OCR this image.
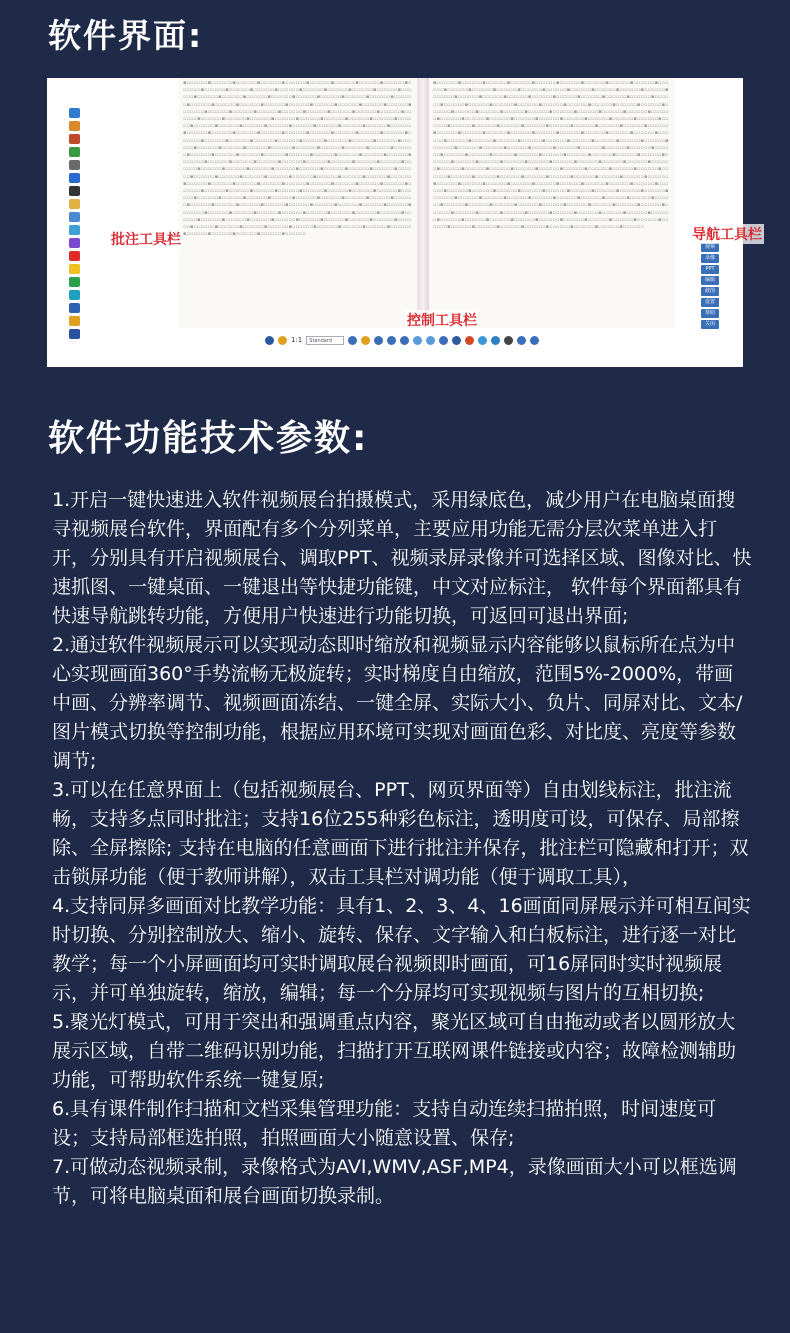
软件界面:

▪▫▫▫▫▫▫▪▫▫▫▫▫▫▪▫▫▫▫▫▫▪▫▫▫▫▫▫▪▫▫▫▫▫▫▪▫▫▫▫▫▫▪▫▫▫▫▫▫▪▫▫▫▫▫▫▪▫▫▫▫▫▫▪▫▫▫▫▫▫▪▫▫▫▫▫▫▪▫▫▫▫▫▫▪▫▫▫▫▫▫▪▫▫▫▫▫▫▪▫▫▫▫▫▫▪▫▫▫▫▫▫▪▫▫▫▫▫▫▪▫▫▫▫▫▫▪▫▫▫▫▫▫▪▫▫▫▫▫▫▪▫▫▫▫▫▫▪▫▫▫▫▫▫▪▫▫▫▫▫▫▪▫▫▫▫▫▫▪▫▫▫▫▫▫▪▫▫▫▫▫▫▪▫▫▫▫▫▫▪▫▫▫▫▫▫▪▫▫▫▫▫▫▪▫▫▫▫▫▫▪▫▫▫▫▫▫▪▫▫▫▫▫▫▪▫▫▫▫▫▫▪▫▫▫▫▫▫▪▫▫▫▫▫▫▪▫▫▫▫▫▫▪▫▫▫▫▫▫▪▫▫▫▫▫▫▪▫▫▫▫▫▫▪▫▫▫▫▫▫▪▫▫▫▫▫▫▪▫▫▫▫▫▫▪▫▫▫▫▫▫▪▫▫▫▫▫▫▪▫▫▫▫▫▫▪▫▫▫▫▫▫▪▫▫▫▫▫▫▪▫▫▫▫▫▫▪▫▫▫▫▫▫▪▫▫▫▫▫▫▪▫▫▫▫▫▫▪▫▫▫▫▫▫▪▫▫▫▫▫▫▪▫▫▫▫▫▫▪▫▫▫▫▫▫▪▫▫▫▫▫▫▪▫▫▫▫▫▫▪▫▫▫▫▫▫▪▫▫▫▫▫▫▪▫▫▫▫▫▫▪▫▫▫▫▫▫▪▫▫▫▫▫▫▪▫▫▫▫▫▫▪▫▫▫▫▫▫▪▫▫▫▫▫▫▪▫▫▫▫▫▫▪▫▫▫▫▫▫▪▫▫▫▫▫▫▪▫▫▫▫▫▫▪▫▫▫▫▫▫▪▫▫▫▫▫▫▪▫▫▫▫▫▫▪▫▫▫▫▫▫▪▫▫▫▫▫▫▪▫▫▫▫▫▫▪▫▫▫▫▫▫▪▫▫▫▫▫▫▪▫▫▫▫▫▫▪▫▫▫▫▫▫▪▫▫▫▫▫▫▪▫▫▫▫▫▫▪▫▫▫▫▫▫▪▫▫▫▫▫▫▪▫▫▫▫▫▫▪▫▫▫▫▫▫▪▫▫▫▫▫▫▪▫▫▫▫▫▫▪▫▫▫▫▫▫▪▫▫▫▫▫▫▪▫▫▫▫▫▫▪▫▫▫▫▫▫▪▫▫▫▫▫▫▪▫▫▫▫▫▫▪▫▫▫▫▫▫▪▫▫▫▫▫▫▪▫▫▫▫▫▫▪▫▫▫▫▫▫▪▫▫▫▫▫▫▪▫▫▫▫▫▫▪▫▫▫▫▫▫▪▫▫▫▫▫▫▪▫▫▫▫▫▫▪▫▫▫▫▫▫▪▫▫▫▫▫▫▪▫▫▫▫▫▫▪▫▫▫▫▫▫▪▫▫▫▫▫▫▪▫▫▫▫▫▫▪▫▫▫▫▫▫▪▫▫▫▫▫▫▪▫▫▫▫▫▫▪▫▫▫▫▫▫▪▫▫▫▫▫▫▪▫▫▫▫▫▫▪▫▫▫▫▫▫▪▫▫▫▫▫▫▪▫▫▫▫▫▫▪▫▫▫▫▫▫▪▫▫▫▫▫▫▪▫▫▫▫▫▫▪▫▫▫▫▫▫▪▫▫▫▫▫▫▪▫▫▫▫▫▫▪▫▫▫▫▫▫▪▫▫▫▫▫▫▪▫▫▫▫▫▫▪▫▫▫▫▫▫▪▫▫▫▫▫▫▪▫▫▫▫▫▫▪▫▫▫▫▫▫▪▫▫▫▫▫▫▪▫▫▫▫▫▫▪▫▫▫▫▫▫▪▫▫▫▫▫▫▪▫▫▫▫▫▫▪▫▫▫▫▫▫▪▫▫▫▫▫▫▪▫▫▫▫▫▫▪▫▫▫▫▫▫▪▫▫▫▫▫▫▪▫▫▫▫▫▫▪▫▫▫▫▫▫▪▫▫▫▫▫▫▪▫▫▫▫▫▫▪▫▫▫▫▫▫▪▫▫▫▫▫▫▪▫▫▫▫▫▫▪▫▫▫▫▫▫▪▫▫▫▫▫▫▪▫▫▫▫▫▫▪▫▫▫▫▫▫▪▫▫▫▫▫▫▪▫▫▫▫▫▫▪▫▫▫▫▫▫▪▫▫▫▫▫▫▪▫▫▫▫▫▫▪▫▫▫▫▫▫▪▫▫▫▫▫▫▪▫▫▫▫▫▫▪▫▫▫▫▫▫▪▫▫▫▫▫▫▪▫▫▫▫▫▫▪▫▫▫▫▫▫▪▫▫▫▫▫▫▪▫▫▫▫▫▫▪▫▫▫▫▫▫▪▫▫▫▫▫▫▪▫▫▫▫▫▫▪▫▫▫▫▫▫▪▫▫▫▫▫▫▪▫▫▫▫▫▫▪▫▫▫▫▫▫▪▫▫▫▫▫▫▪▫▫▫▫▫▫▪▫▫▫▫▫▫▪▫▫▫▫▫▫▪▫▫▫▫▫▫▪▫▫▫▫▫▫▪▫▫▫▫▫▫▪▫▫▫▫▫▫▪▫▫▫▫▫▫▪▫▫▫▫▫▫▪▫▫▫▫▫▫▪▫▫▫▫▫▫▪▫▫▫▫▫▫▪▫▫▫▫▫▫▪▫▫▫▫▫▫▪▫▫▫▫▫▫▪▫▫▫▫▫▫▪▫▫▫▫▫▫▪▫▫▫▫▫▫▪▫▫▫▫▫▫▪▫▫▫▫▫▫▪▫▫▫▫▫▫▪▫▫▫▫▫▫▪▫▫▫▫▫▫▪▫▫▫▫▫▫▪▫▫▫▫▫▫▪▫▫▫▫▫▫▪▫▫▫▫▫▫

▪▫▫▫▫▫▫▪▫▫▫▫▫▫▪▫▫▫▫▫▫▪▫▫▫▫▫▫▪▫▫▫▫▫▫▪▫▫▫▫▫▫▪▫▫▫▫▫▫▪▫▫▫▫▫▫▪▫▫▫▫▫▫▪▫▫▫▫▫▫▪▫▫▫▫▫▫▪▫▫▫▫▫▫▪▫▫▫▫▫▫▪▫▫▫▫▫▫▪▫▫▫▫▫▫▪▫▫▫▫▫▫▪▫▫▫▫▫▫▪▫▫▫▫▫▫▪▫▫▫▫▫▫▪▫▫▫▫▫▫▪▫▫▫▫▫▫▪▫▫▫▫▫▫▪▫▫▫▫▫▫▪▫▫▫▫▫▫▪▫▫▫▫▫▫▪▫▫▫▫▫▫▪▫▫▫▫▫▫▪▫▫▫▫▫▫▪▫▫▫▫▫▫▪▫▫▫▫▫▫▪▫▫▫▫▫▫▪▫▫▫▫▫▫▪▫▫▫▫▫▫▪▫▫▫▫▫▫▪▫▫▫▫▫▫▪▫▫▫▫▫▫▪▫▫▫▫▫▫▪▫▫▫▫▫▫▪▫▫▫▫▫▫▪▫▫▫▫▫▫▪▫▫▫▫▫▫▪▫▫▫▫▫▫▪▫▫▫▫▫▫▪▫▫▫▫▫▫▪▫▫▫▫▫▫▪▫▫▫▫▫▫▪▫▫▫▫▫▫▪▫▫▫▫▫▫▪▫▫▫▫▫▫▪▫▫▫▫▫▫▪▫▫▫▫▫▫▪▫▫▫▫▫▫▪▫▫▫▫▫▫▪▫▫▫▫▫▫▪▫▫▫▫▫▫▪▫▫▫▫▫▫▪▫▫▫▫▫▫▪▫▫▫▫▫▫▪▫▫▫▫▫▫▪▫▫▫▫▫▫▪▫▫▫▫▫▫▪▫▫▫▫▫▫▪▫▫▫▫▫▫▪▫▫▫▫▫▫▪▫▫▫▫▫▫▪▫▫▫▫▫▫▪▫▫▫▫▫▫▪▫▫▫▫▫▫▪▫▫▫▫▫▫▪▫▫▫▫▫▫▪▫▫▫▫▫▫▪▫▫▫▫▫▫▪▫▫▫▫▫▫▪▫▫▫▫▫▫▪▫▫▫▫▫▫▪▫▫▫▫▫▫▪▫▫▫▫▫▫▪▫▫▫▫▫▫▪▫▫▫▫▫▫▪▫▫▫▫▫▫▪▫▫▫▫▫▫▪▫▫▫▫▫▫▪▫▫▫▫▫▫▪▫▫▫▫▫▫▪▫▫▫▫▫▫▪▫▫▫▫▫▫▪▫▫▫▫▫▫▪▫▫▫▫▫▫▪▫▫▫▫▫▫▪▫▫▫▫▫▫▪▫▫▫▫▫▫▪▫▫▫▫▫▫▪▫▫▫▫▫▫▪▫▫▫▫▫▫▪▫▫▫▫▫▫▪▫▫▫▫▫▫▪▫▫▫▫▫▫▪▫▫▫▫▫▫▪▫▫▫▫▫▫▪▫▫▫▫▫▫▪▫▫▫▫▫▫▪▫▫▫▫▫▫▪▫▫▫▫▫▫▪▫▫▫▫▫▫▪▫▫▫▫▫▫▪▫▫▫▫▫▫▪▫▫▫▫▫▫▪▫▫▫▫▫▫▪▫▫▫▫▫▫▪▫▫▫▫▫▫▪▫▫▫▫▫▫▪▫▫▫▫▫▫▪▫▫▫▫▫▫▪▫▫▫▫▫▫▪▫▫▫▫▫▫▪▫▫▫▫▫▫▪▫▫▫▫▫▫▪▫▫▫▫▫▫▪▫▫▫▫▫▫▪▫▫▫▫▫▫▪▫▫▫▫▫▫▪▫▫▫▫▫▫▪▫▫▫▫▫▫▪▫▫▫▫▫▫▪▫▫▫▫▫▫▪▫▫▫▫▫▫▪▫▫▫▫▫▫▪▫▫▫▫▫▫▪▫▫▫▫▫▫▪▫▫▫▫▫▫▪▫▫▫▫▫▫▪▫▫▫▫▫▫▪▫▫▫▫▫▫▪▫▫▫▫▫▫▪▫▫▫▫▫▫▪▫▫▫▫▫▫▪▫▫▫▫▫▫▪▫▫▫▫▫▫▪▫▫▫▫▫▫▪▫▫▫▫▫▫▪▫▫▫▫▫▫▪▫▫▫▫▫▫▪▫▫▫▫▫▫▪▫▫▫▫▫▫▪▫▫▫▫▫▫▪▫▫▫▫▫▫▪▫▫▫▫▫▫▪▫▫▫▫▫▫▪▫▫▫▫▫▫▪▫▫▫▫▫▫▪▫▫▫▫▫▫▪▫▫▫▫▫▫▪▫▫▫▫▫▫▪▫▫▫▫▫▫▪▫▫▫▫▫▫▪▫▫▫▫▫▫▪▫▫▫▫▫▫▪▫▫▫▫▫▫▪▫▫▫▫▫▫▪▫▫▫▫▫▫▪▫▫▫▫▫▫▪▫▫▫▫▫▫▪▫▫▫▫▫▫▪▫▫▫▫▫▫▪▫▫▫▫▫▫▪▫▫▫▫▫▫▪▫▫▫▫▫▫▪▫▫▫▫▫▫▪▫▫▫▫▫▫▪▫▫▫▫▫▫▪▫▫▫▫▫▫▪▫▫▫▫▫▫▪▫▫▫▫▫▫▪▫▫▫▫▫▫▪▫▫▫▫▫▫▪▫▫▫▫▫▫▪▫▫▫▫▫▫▪▫▫▫▫▫▫▪▫▫▫▫▫▫▪▫▫▫▫▫▫▪▫▫▫▫▫▫▪▫▫▫▫▫▫▪▫▫▫▫▫▫▪▫▫▫▫▫▫▪▫▫▫▫▫▫▪▫▫▫▫▫▫▪▫▫▫▫▫▫▪▫▫▫▫▫▫▪▫▫▫▫▫▫▪▫▫▫▫▫▫▪▫▫▫▫▫▫▪▫▫▫▫▫▫▪▫▫▫▫▫▫▪▫▫▫▫▫▫▪▫▫▫▫▫▫▪▫▫▫▫▫▫▪▫▫▫▫▫▫▪▫▫▫▫▫▫▪▫▫▫▫▫▫▪▫▫▫▫▫▫

视频
录像
PPT
编辑
截图
设置
帮助
关闭
1:1	Standard
批注工具栏
控制工具栏
导航工具栏
软件功能技术参数:

1.开启一键快速进入软件视频展台拍摄模式，采用绿底色，减少用户在电脑桌面搜寻视频展台软件，界面配有多个分列菜单，主要应用功能无需分层次菜单进入打开，分别具有开启视频展台、调取PPT、视频录屏录像并可选择区域、图像对比、快速抓图、一键桌面、一键退出等快捷功能键，中文对应标注， 软件每个界面都具有快速导航跳转功能，方便用户快速进行功能切换，可返回可退出界面;

2.通过软件视频展示可以实现动态即时缩放和视频显示内容能够以鼠标所在点为中心实现画面360°手势流畅无极旋转；实时梯度自由缩放，范围5%-2000%，带画中画、分辨率调节、视频画面冻结、一键全屏、实际大小、负片、同屏对比、文本/图片模式切换等控制功能，根据应用环境可实现对画面色彩、对比度、亮度等参数调节;

3.可以在任意界面上（包括视频展台、PPT、网页界面等）自由划线标注，批注流畅，支持多点同时批注；支持16位255种彩色标注，透明度可设，可保存、局部擦除、全屏擦除; 支持在电脑的任意画面下进行批注并保存，批注栏可隐藏和打开；双击锁屏功能（便于教师讲解），双击工具栏对调功能（便于调取工具），

4.支持同屏多画面对比教学功能：具有1、2、3、4、16画面同屏展示并可相互间实时切换、分别控制放大、缩小、旋转、保存、文字输入和白板标注，进行逐一对比教学；每一个小屏画面均可实时调取展台视频即时画面，可16屏同时实时视频展示，并可单独旋转，缩放，编辑；每一个分屏均可实现视频与图片的互相切换;

5.聚光灯模式，可用于突出和强调重点内容，聚光区域可自由拖动或者以圆形放大展示区域，自带二维码识别功能，扫描打开互联网课件链接或内容；故障检测辅助功能，可帮助软件系统一键复原;

6.具有课件制作扫描和文档采集管理功能：支持自动连续扫描拍照，时间速度可设；支持局部框选拍照，拍照画面大小随意设置、保存;

7.可做动态视频录制，录像格式为AVI,WMV,ASF,MP4，录像画面大小可以框选调节，可将电脑桌面和展台画面切换录制。
